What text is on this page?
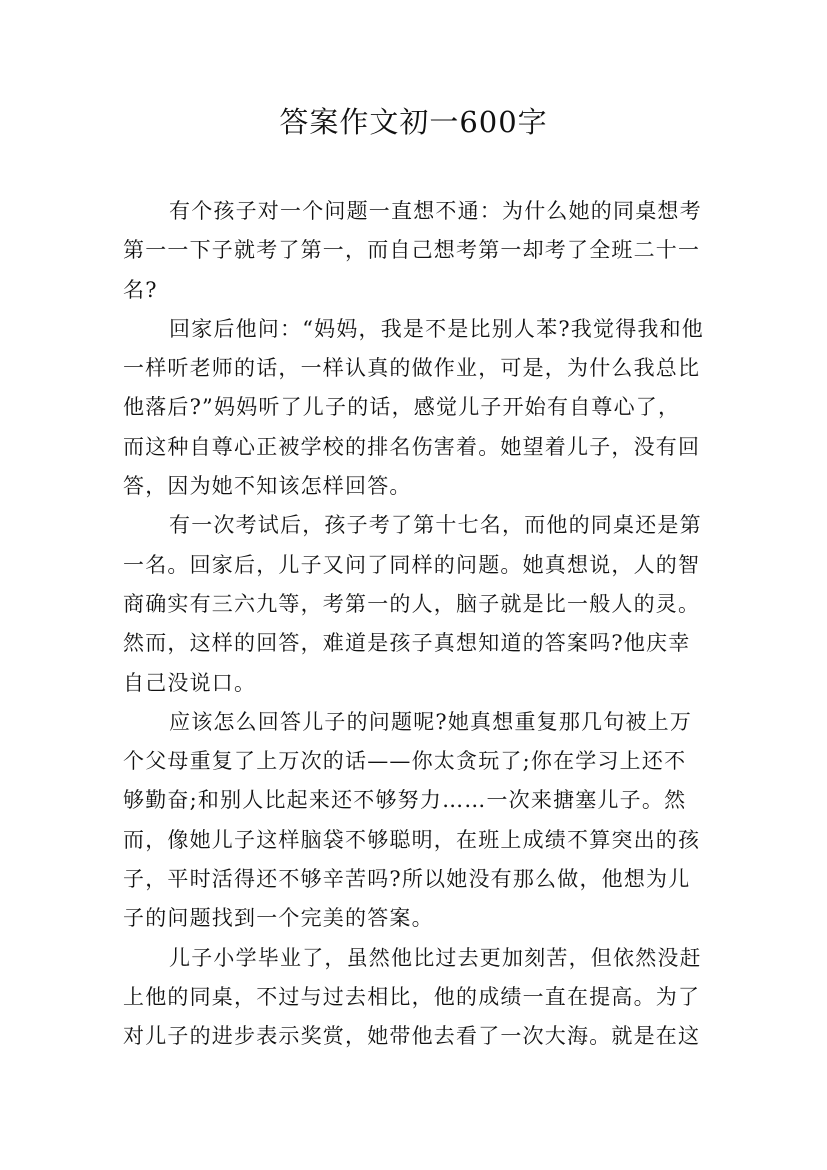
答案作文初一600字
有个孩子对一个问题一直想不通：为什么她的同桌想考
第一一下子就考了第一，而自己想考第一却考了全班二十一
名?
回家后他问：“妈妈，我是不是比别人苯?我觉得我和他
一样听老师的话，一样认真的做作业，可是，为什么我总比
他落后?”妈妈听了儿子的话，感觉儿子开始有自尊心了，
而这种自尊心正被学校的排名伤害着。她望着儿子，没有回
答，因为她不知该怎样回答。
有一次考试后，孩子考了第十七名，而他的同桌还是第
一名。回家后，儿子又问了同样的问题。她真想说，人的智
商确实有三六九等，考第一的人，脑子就是比一般人的灵。
然而，这样的回答，难道是孩子真想知道的答案吗?他庆幸
自己没说口。
应该怎么回答儿子的问题呢?她真想重复那几句被上万
个父母重复了上万次的话——你太贪玩了;你在学习上还不
够勤奋;和别人比起来还不够努力……一次来搪塞儿子。然
而，像她儿子这样脑袋不够聪明，在班上成绩不算突出的孩
子，平时活得还不够辛苦吗?所以她没有那么做，他想为儿
子的问题找到一个完美的答案。
儿子小学毕业了，虽然他比过去更加刻苦，但依然没赶
上他的同桌，不过与过去相比，他的成绩一直在提高。为了
对儿子的进步表示奖赏，她带他去看了一次大海。就是在这
